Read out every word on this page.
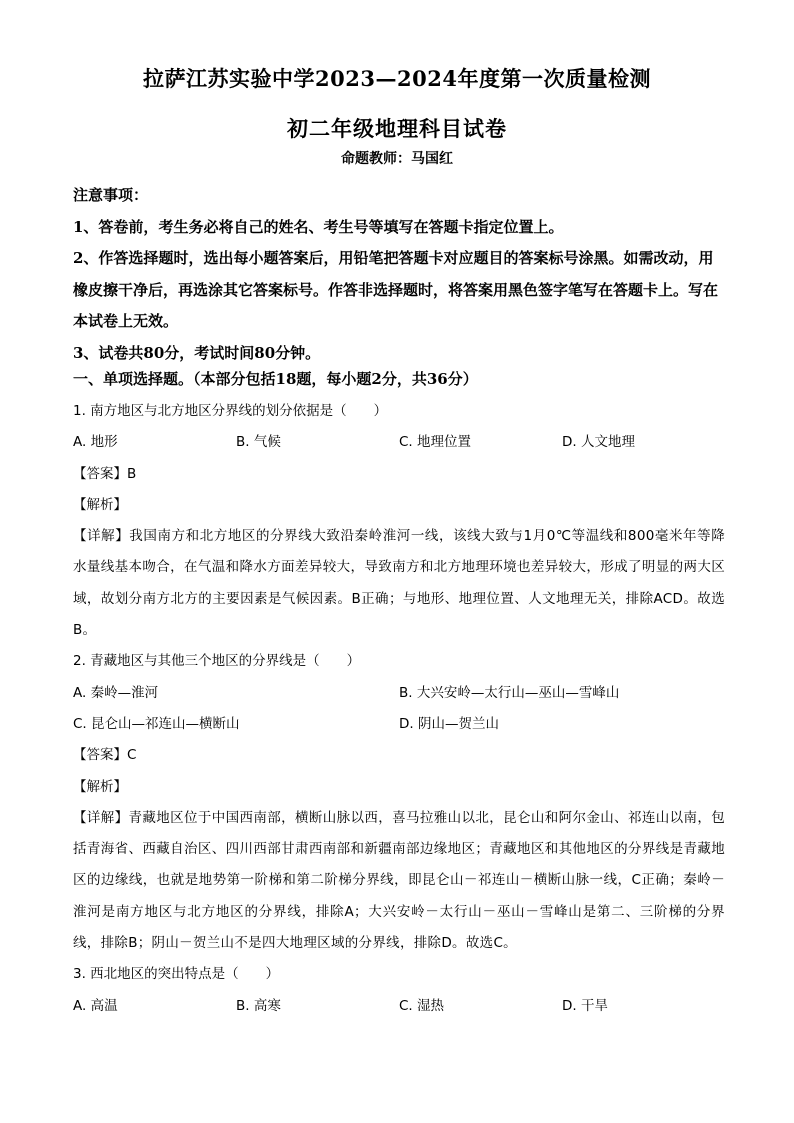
拉萨江苏实验中学2023—2024年度第一次质量检测
初二年级地理科目试卷
命题教师：马国红

注意事项：

1、答卷前，考生务必将自己的姓名、考生号等填写在答题卡指定位置上。

2、作答选择题时，选出每小题答案后，用铅笔把答题卡对应题目的答案标号涂黑。如需改动，用橡皮擦干净后，再选涂其它答案标号。作答非选择题时，将答案用黑色签字笔写在答题卡上。写在本试卷上无效。

3、试卷共80分，考试时间80分钟。

一、单项选择题。（本部分包括18题，每小题2分，共36分）

1. 南方地区与北方地区分界线的划分依据是（　　）

A. 地形	B. 气候	C. 地理位置	D. 人文地理

【答案】B

【解析】

【详解】我国南方和北方地区的分界线大致沿秦岭淮河一线，该线大致与1月0℃等温线和800毫米年等降水量线基本吻合，在气温和降水方面差异较大，导致南方和北方地理环境也差异较大，形成了明显的两大区域，故划分南方北方的主要因素是气候因素。B正确；与地形、地理位置、人文地理无关，排除ACD。故选B。

2. 青藏地区与其他三个地区的分界线是（　　）

A. 秦岭—淮河	B. 大兴安岭—太行山—巫山—雪峰山
C. 昆仑山—祁连山—横断山	D. 阴山—贺兰山

【答案】C

【解析】

【详解】青藏地区位于中国西南部，横断山脉以西，喜马拉雅山以北，昆仑山和阿尔金山、祁连山以南，包括青海省、西藏自治区、四川西部甘肃西南部和新疆南部边缘地区；青藏地区和其他地区的分界线是青藏地区的边缘线，也就是地势第一阶梯和第二阶梯分界线，即昆仑山－祁连山－横断山脉一线，C正确；秦岭－淮河是南方地区与北方地区的分界线，排除A；大兴安岭－太行山－巫山－雪峰山是第二、三阶梯的分界线，排除B；阴山－贺兰山不是四大地理区域的分界线，排除D。故选C。

3. 西北地区的突出特点是（　　）

A. 高温	B. 高寒	C. 湿热	D. 干旱
